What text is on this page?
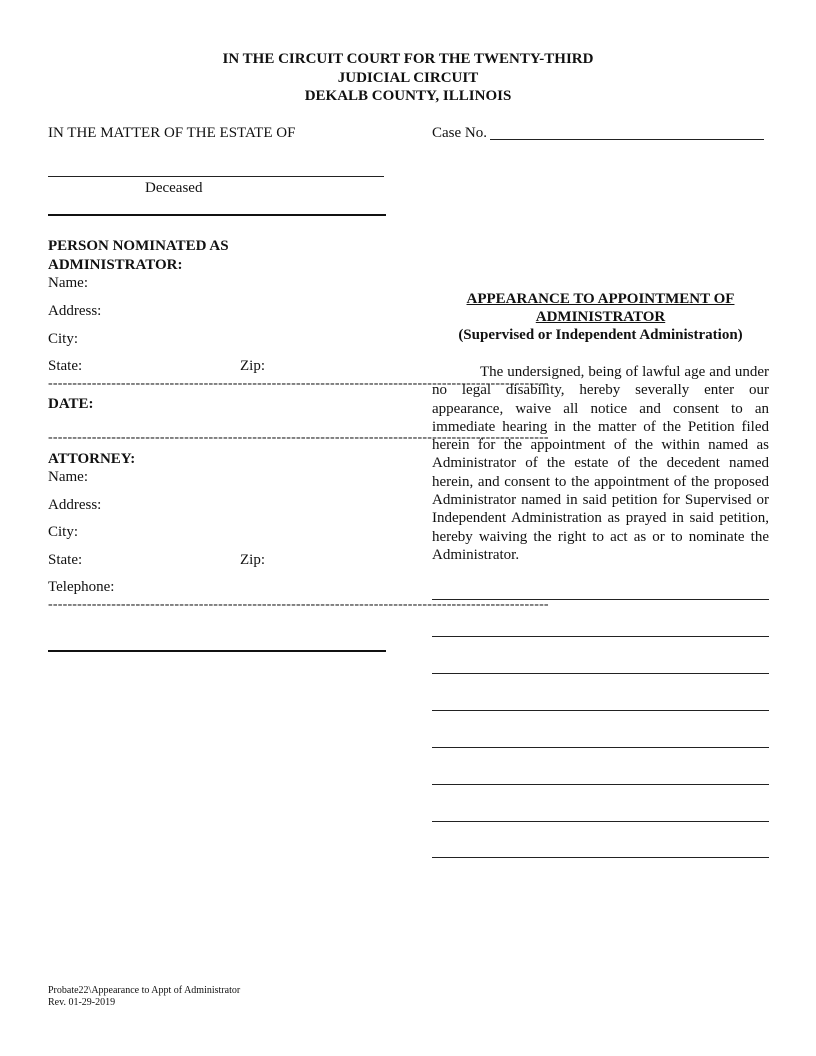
IN THE CIRCUIT COURT FOR THE TWENTY-THIRD
JUDICIAL CIRCUIT
DEKALB COUNTY, ILLINOIS
IN THE MATTER OF THE ESTATE OF	Case No.
Deceased
PERSON NOMINATED AS
ADMINISTRATOR:
Name:
Address:
City:
State:	Zip:
-------------------------------------------------------------------------------------------------------
DATE:
-------------------------------------------------------------------------------------------------------
ATTORNEY:
Name:
Address:
City:
State:	Zip:
Telephone:
-------------------------------------------------------------------------------------------------------
APPEARANCE TO APPOINTMENT OF
ADMINISTRATOR
(Supervised or Independent Administration)
The undersigned, being of lawful age and under no legal disability, hereby severally enter our appearance, waive all notice and consent to an immediate hearing in the matter of the Petition filed herein for the appointment of the within named as Administrator of the estate of the decedent named herein, and consent to the appointment of the proposed Administrator named in said petition for Supervised or Independent Administration as prayed in said petition, hereby waiving the right to act as or to nominate the Administrator.
Probate22\Appearance to Appt of Administrator
Rev. 01-29-2019
